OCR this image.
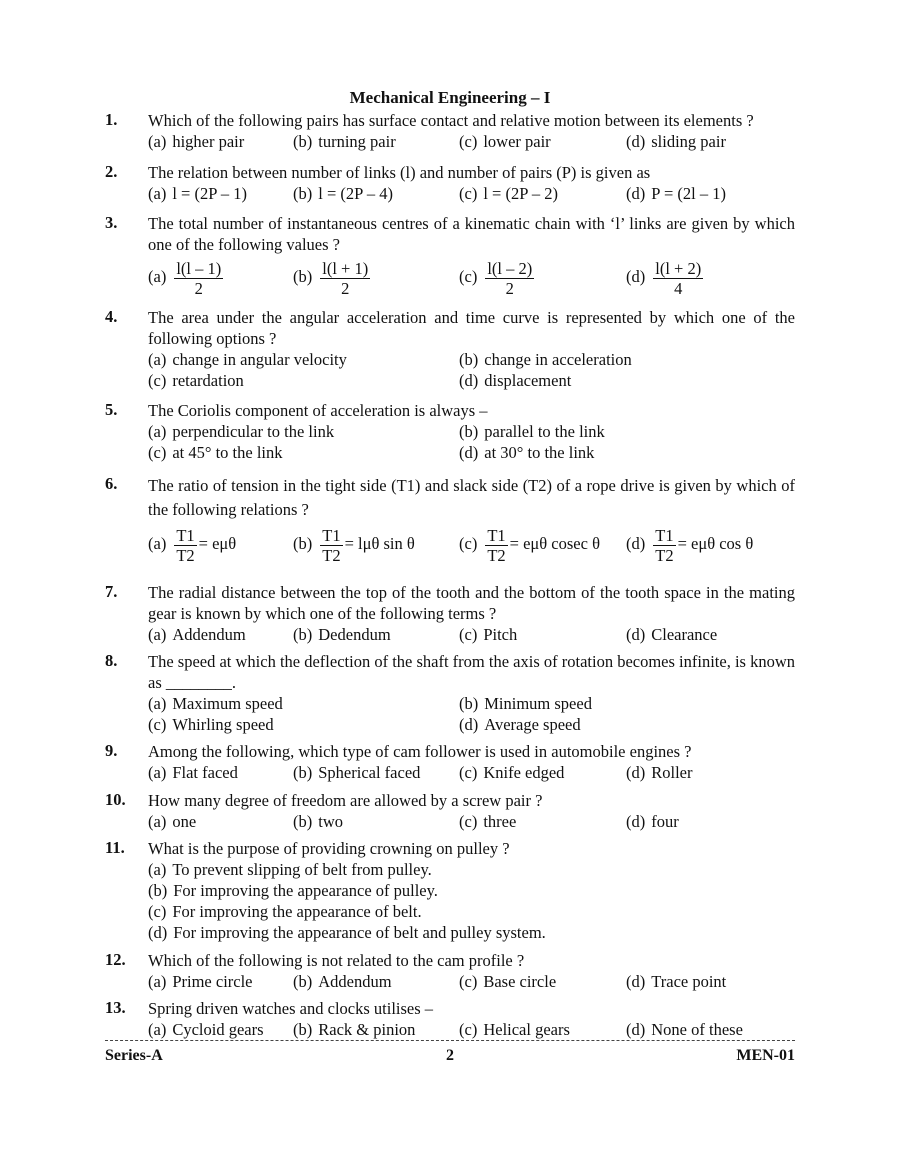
Mechanical Engineering – I
1. Which of the following pairs has surface contact and relative motion between its elements ?
(a) higher pair	(b) turning pair	(c) lower pair	(d) sliding pair
2. The relation between number of links (l) and number of pairs (P) is given as
(a) l = (2P – 1)	(b) l = (2P – 4)	(c) l = (2P – 2)	(d) P = (2l – 1)
3. The total number of instantaneous centres of a kinematic chain with ‘l’ links are given by which one of the following values ?
$(a) \frac{l(l - 1)}{2}$	$(b) \frac{l(l + 1)}{2}$	$(c) \frac{l(l - 2)}{2}$	$(d) \frac{l(l + 2)}{4}$
4. The area under the angular acceleration and time curve is represented by which one of the following options ?
(a) change in angular velocity	(b) change in acceleration
(c) retardation	(d) displacement
5. The Coriolis component of acceleration is always –
(a) perpendicular to the link	(b) parallel to the link
(c) at 45° to the link	(d) at 30° to the link
6. The ratio of tension in the tight side (T1) and slack side (T2) of a rope drive is given by which of the following relations ?
$(a) \frac{T1}{T2} = e\mu\theta$	$(b) \frac{T1}{T2} = l\mu\theta$ sin θ	$(c) \frac{T1}{T2} = e\mu\theta$ cosec θ $(d) \frac{T1}{T2} = e\mu\theta$ cos θ
7. The radial distance between the top of the tooth and the bottom of the tooth space in the mating gear is known by which one of the following terms ?
(a) Addendum	(b) Dedendum	(c) Pitch	(d) Clearance
8. The speed at which the deflection of the shaft from the axis of rotation becomes infinite, is known as ________.
(a) Maximum speed	(b) Minimum speed
(c) Whirling speed	(d) Average speed
9. Among the following, which type of cam follower is used in automobile engines ?
(a) Flat faced	(b) Spherical faced (c) Knife edged	(d) Roller
10. How many degree of freedom are allowed by a screw pair ?
(a) one	(b) two	(c) three	(d) four
11. What is the purpose of providing crowning on pulley ?
(a) To prevent slipping of belt from pulley.
(b) For improving the appearance of pulley.
(c) For improving the appearance of belt.
(d) For improving the appearance of belt and pulley system.
12. Which of the following is not related to the cam profile ?
(a) Prime circle (b) Addendum	(c) Base circle	(d) Trace point
13. Spring driven watches and clocks utilises –
(a) Cycloid gears (b) Rack & pinion	(c) Helical gears	(d) None of these
Series-A	2	MEN-01
